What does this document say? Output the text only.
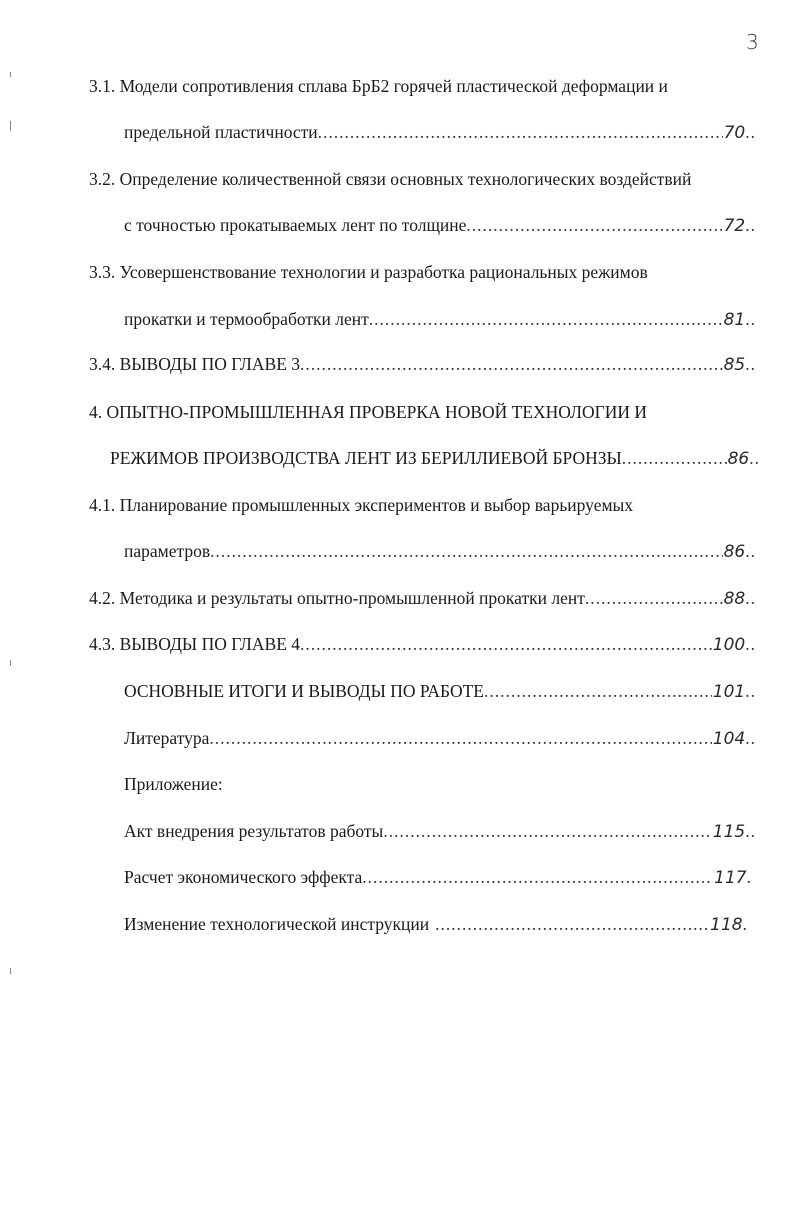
3
3.1. Модели сопротивления сплава БрБ2 горячей пластической деформации и
предельной пластичности .....	70 ..
3.2. Определение количественной связи основных технологических воздействий
с точностью прокатываемых лент по толщине .....	72 ..
3.3. Усовершенствование технологии и разработка рациональных режимов
прокатки и термообработки лент .....	81 ..
3.4. ВЫВОДЫ ПО ГЛАВЕ 3 .....	85 ..
4. ОПЫТНО-ПРОМЫШЛЕННАЯ ПРОВЕРКА НОВОЙ ТЕХНОЛОГИИ И
РЕЖИМОВ ПРОИЗВОДСТВА ЛЕНТ ИЗ БЕРИЛЛИЕВОЙ БРОНЗЫ .....	86 ..
4.1. Планирование промышленных экспериментов и выбор варьируемых
параметров .....	86 ..
4.2. Методика и результаты опытно-промышленной прокатки лент .....	88 ..
4.3. ВЫВОДЫ ПО ГЛАВЕ 4 .....	100 ..
ОСНОВНЫЕ ИТОГИ И ВЫВОДЫ ПО РАБОТЕ .....	101 ..
Литература .....	104 ..
Приложение:
Акт внедрения результатов работы .....	115 ..
Расчет экономического эффекта .....	117 .
Изменение технологической инструкции .....	118 .
